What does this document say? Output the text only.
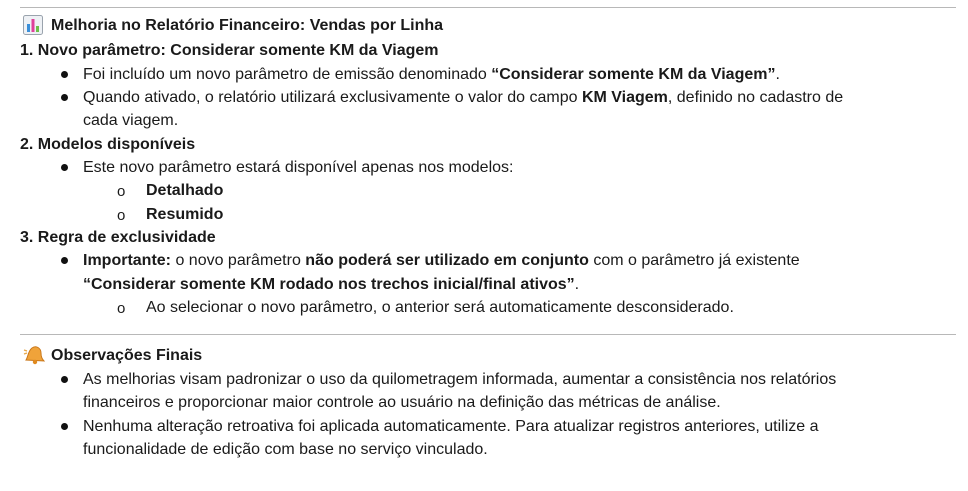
Melhoria no Relatório Financeiro: Vendas por Linha
1. Novo parâmetro: Considerar somente KM da Viagem
Foi incluído um novo parâmetro de emissão denominado “Considerar somente KM da Viagem”.
Quando ativado, o relatório utilizará exclusivamente o valor do campo KM Viagem, definido no cadastro de
cada viagem.
2. Modelos disponíveis
Este novo parâmetro estará disponível apenas nos modelos:
o Detalhado
o Resumido
3. Regra de exclusividade
Importante: o novo parâmetro não poderá ser utilizado em conjunto com o parâmetro já existente
“Considerar somente KM rodado nos trechos inicial/final ativos”.
o Ao selecionar o novo parâmetro, o anterior será automaticamente desconsiderado.
Observações Finais
As melhorias visam padronizar o uso da quilometragem informada, aumentar a consistência nos relatórios
financeiros e proporcionar maior controle ao usuário na definição das métricas de análise.
Nenhuma alteração retroativa foi aplicada automaticamente. Para atualizar registros anteriores, utilize a
funcionalidade de edição com base no serviço vinculado.
